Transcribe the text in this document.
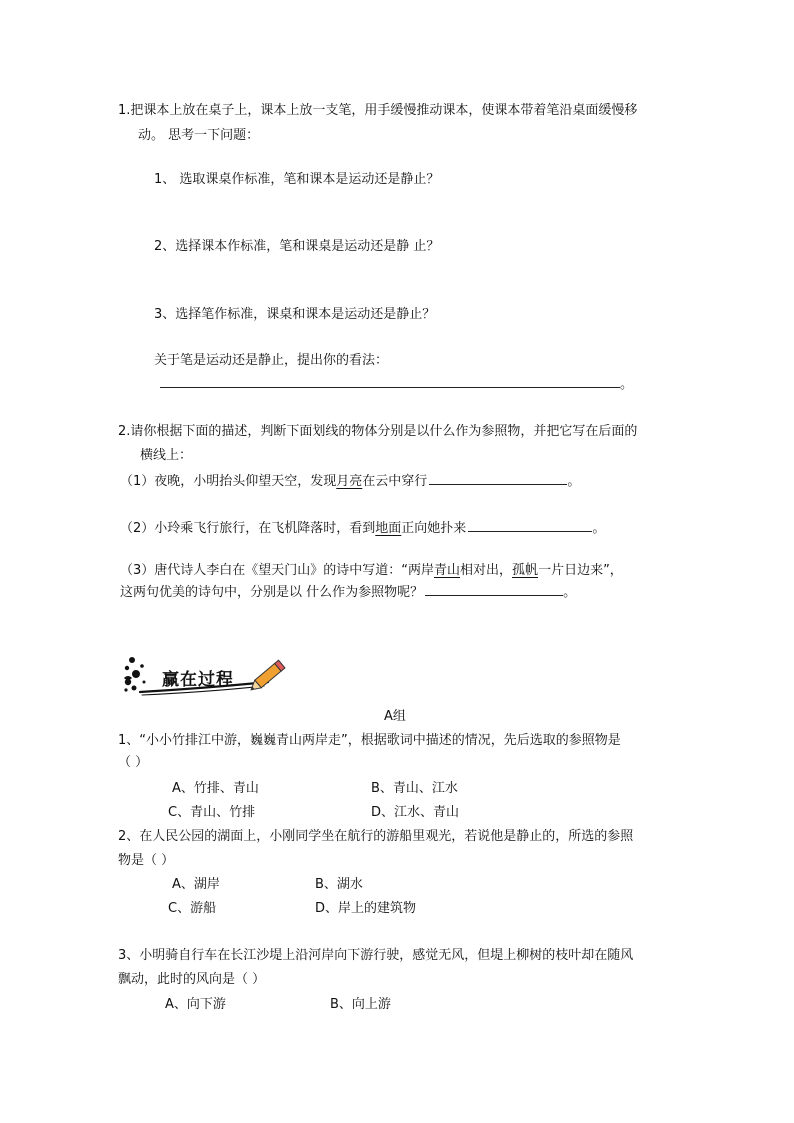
1.把课本上放在桌子上，课本上放一支笔，用手缓慢推动课本，使课本带着笔沿桌面缓慢移
动。 思考一下问题：
1、 选取课桌作标准，笔和课本是运动还是静止？
2、选择课本作标准，笔和课桌是运动还是静 止？
3、选择笔作标准，课桌和课本是运动还是静止？
关于笔是运动还是静止，提出你的看法：
。
2.请你根据下面的描述，判断下面划线的物体分别是以什么作为参照物，并把它写在后面的
横线上：
（1）夜晚，小明抬头仰望天空，发现月亮在云中穿行	。
（2）小玲乘飞行旅行，在飞机降落时，看到地面正向她扑来	。
（3）唐代诗人李白在《望天门山》的诗中写道：“两岸青山相对出，孤帆一片日边来”，
这两句优美的诗句中，分别是以 什么作为参照物呢？	。
赢在过程
A组
1、“小小竹排江中游，巍巍青山两岸走”，根据歌词中描述的情况，先后选取的参照物是
（ ）
A、竹排、青山	B、青山、江水
C、青山、竹排	D、江水、青山
2、在人民公园的湖面上，小刚同学坐在航行的游船里观光，若说他是静止的，所选的参照
物是（ ）
A、湖岸	B、湖水
C、游船	D、岸上的建筑物
3、小明骑自行车在长江沙堤上沿河岸向下游行驶，感觉无风，但堤上柳树的枝叶却在随风
飘动，此时的风向是（ ）
A、向下游	B、向上游
